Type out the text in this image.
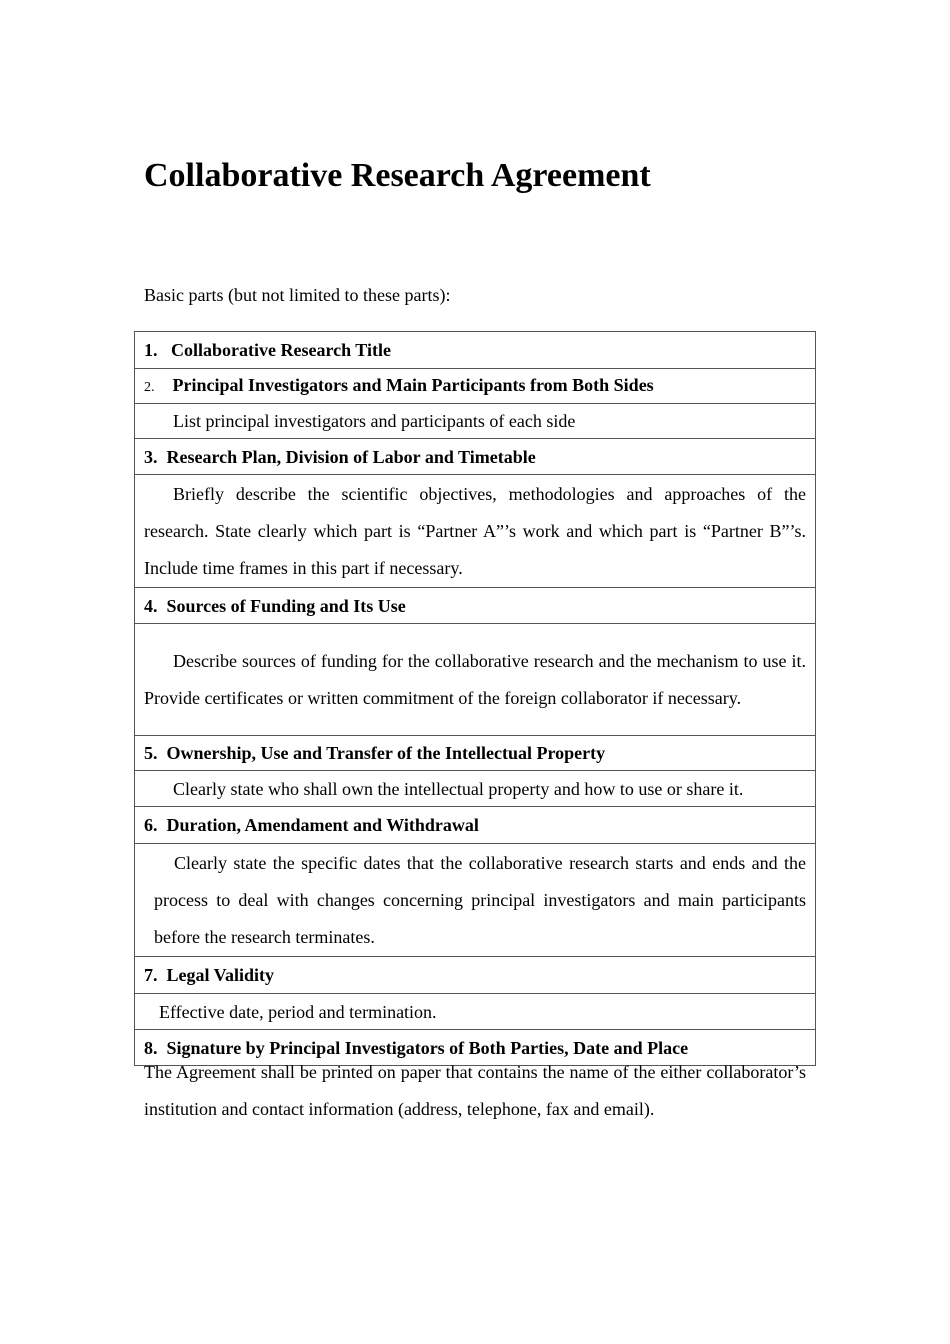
Collaborative Research Agreement

Basic parts (but not limited to these parts):

1. Collaborative Research Title
2. Principal Investigators and Main Participants from Both Sides
List principal investigators and participants of each side
3. Research Plan, Division of Labor and Timetable
Briefly describe the scientific objectives, methodologies and approaches of the research. State clearly which part is “Partner A”’s work and which part is “Partner B”’s. Include time frames in this part if necessary.
4. Sources of Funding and Its Use
Describe sources of funding for the collaborative research and the mechanism to use it. Provide certificates or written commitment of the foreign collaborator if necessary.
5. Ownership, Use and Transfer of the Intellectual Property
Clearly state who shall own the intellectual property and how to use or share it.
6. Duration, Amendament and Withdrawal
Clearly state the specific dates that the collaborative research starts and ends and the process to deal with changes concerning principal investigators and main participants before the research terminates.
7. Legal Validity
Effective date, period and termination.
8. Signature by Principal Investigators of Both Parties, Date and Place

The Agreement shall be printed on paper that contains the name of the either collaborator’s institution and contact information (address, telephone, fax and email).
